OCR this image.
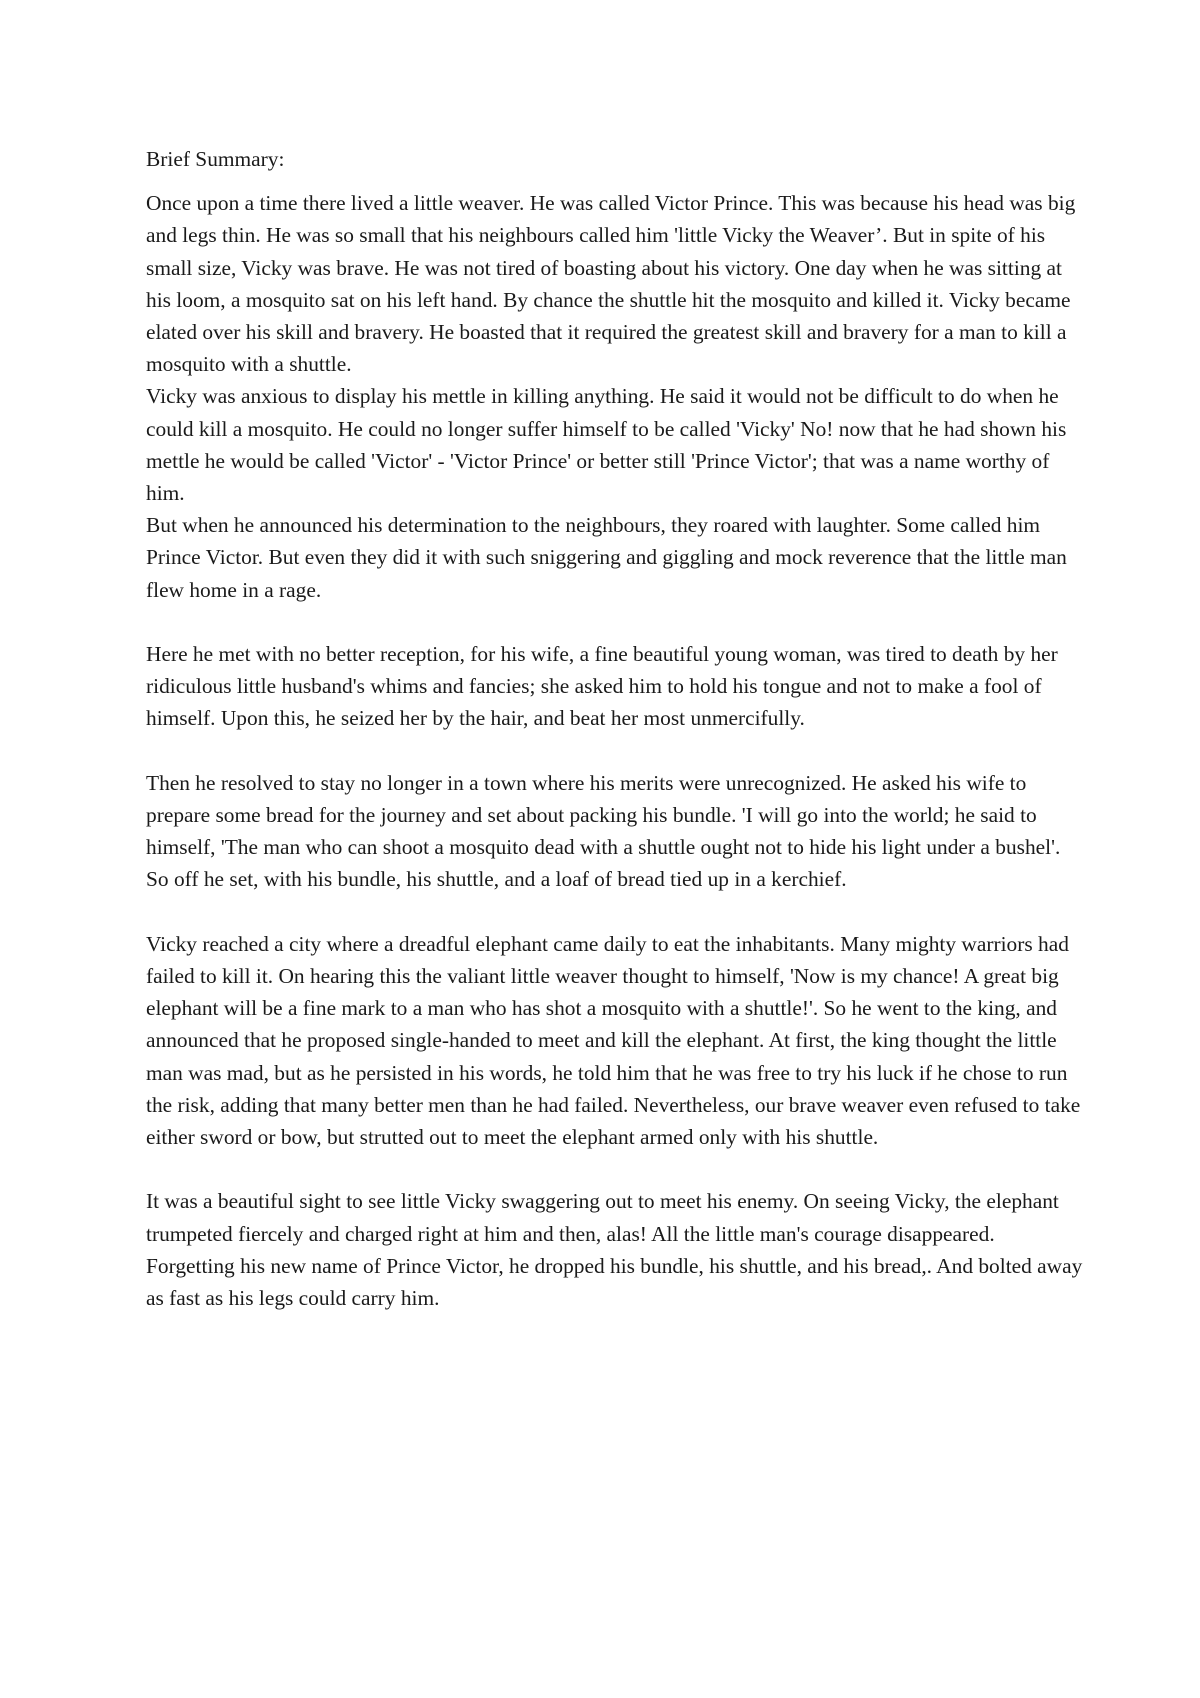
Brief Summary:

Once upon a time there lived a little weaver. He was called Victor Prince. This was because his head was big and legs thin. He was so small that his neighbours called him 'little Vicky the Weaver’. But in spite of his small size, Vicky was brave. He was not tired of boasting about his victory. One day when he was sitting at his loom, a mosquito sat on his left hand. By chance the shuttle hit the mosquito and killed it. Vicky became elated over his skill and bravery. He boasted that it required the greatest skill and bravery for a man to kill a mosquito with a shuttle.

Vicky was anxious to display his mettle in killing anything. He said it would not be difficult to do when he could kill a mosquito. He could no longer suffer himself to be called 'Vicky' No! now that he had shown his mettle he would be called 'Victor' - 'Victor Prince' or better still 'Prince Victor'; that was a name worthy of him.

But when he announced his determination to the neighbours, they roared with laughter. Some called him Prince Victor. But even they did it with such sniggering and giggling and mock reverence that the little man flew home in a rage.

Here he met with no better reception, for his wife, a fine beautiful young woman, was tired to death by her ridiculous little husband's whims and fancies; she asked him to hold his tongue and not to make a fool of himself. Upon this, he seized her by the hair, and beat her most unmercifully.

Then he resolved to stay no longer in a town where his merits were unrecognized. He asked his wife to prepare some bread for the journey and set about packing his bundle. 'I will go into the world; he said to himself, 'The man who can shoot a mosquito dead with a shuttle ought not to hide his light under a bushel'. So off he set, with his bundle, his shuttle, and a loaf of bread tied up in a kerchief.

Vicky reached a city where a dreadful elephant came daily to eat the inhabitants. Many mighty warriors had failed to kill it. On hearing this the valiant little weaver thought to himself, 'Now is my chance! A great big elephant will be a fine mark to a man who has shot a mosquito with a shuttle!'. So he went to the king, and announced that he proposed single-handed to meet and kill the elephant. At first, the king thought the little man was mad, but as he persisted in his words, he told him that he was free to try his luck if he chose to run the risk, adding that many better men than he had failed. Nevertheless, our brave weaver even refused to take either sword or bow, but strutted out to meet the elephant armed only with his shuttle.

It was a beautiful sight to see little Vicky swaggering out to meet his enemy. On seeing Vicky, the elephant trumpeted fiercely and charged right at him and then, alas! All the little man's courage disappeared. Forgetting his new name of Prince Victor, he dropped his bundle, his shuttle, and his bread,. And bolted away as fast as his legs could carry him.
